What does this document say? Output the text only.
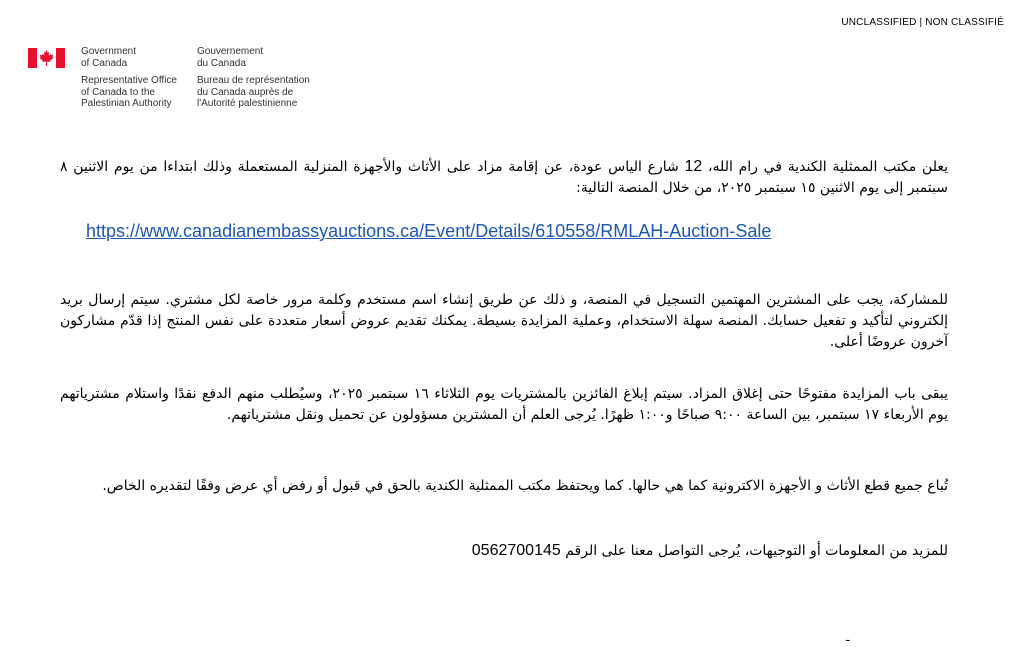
UNCLASSIFIED | NON CLASSIFIÉ
Government
of Canada
Representative Office
of Canada to the
Palestinian Authority
Gouvernement
du Canada
Bureau de représentation
du Canada auprès de
l'Autorité palestinienne
يعلن مكتب الممثلية الكندية في رام الله، 12 شارع الياس عودة، عن إقامة مزاد على الأثاث والأجهزة المنزلية المستعملة وذلك ابتداءا من يوم الاثنين ٨ سبتمبر إلى يوم الاثنين ١٥ سبتمبر ٢٠٢٥، من خلال المنصة التالية:
https://www.canadianembassyauctions.ca/Event/Details/610558/RMLAH-Auction-Sale
للمشاركة، يجب على المشترين المهتمين التسجيل في المنصة، و ذلك عن طريق إنشاء اسم مستخدم وكلمة مرور خاصة لكل مشتري. سيتم إرسال بريد إلكتروني لتأكيد و تفعيل حسابك. المنصة سهلة الاستخدام، وعملية المزايدة بسيطة. يمكنك تقديم عروض أسعار متعددة على نفس المنتج إذا قدّم مشاركون آخرون عروضًا أعلى.
يبقى باب المزايدة مفتوحًا حتى إغلاق المزاد. سيتم إبلاغ الفائزين بالمشتريات يوم الثلاثاء ١٦ سبتمبر ٢٠٢٥، وسيُطلب منهم الدفع نقدًا واستلام مشترياتهم يوم الأربعاء ١٧ سبتمبر، بين الساعة ٩:٠٠ صباحًا و١:٠٠ ظهرًا. يُرجى العلم أن المشترين مسؤولون عن تحميل ونقل مشترياتهم.
تُباع جميع قطع الأثاث و الأجهزة الاكترونية كما هي حالها. كما ويحتفظ مكتب الممثلية الكندية بالحق في قبول أو رفض أي عرض وفقًا لتقديره الخاص.
للمزيد من المعلومات أو التوجيهات، يُرجى التواصل معنا على الرقم 0562700145
ـ
